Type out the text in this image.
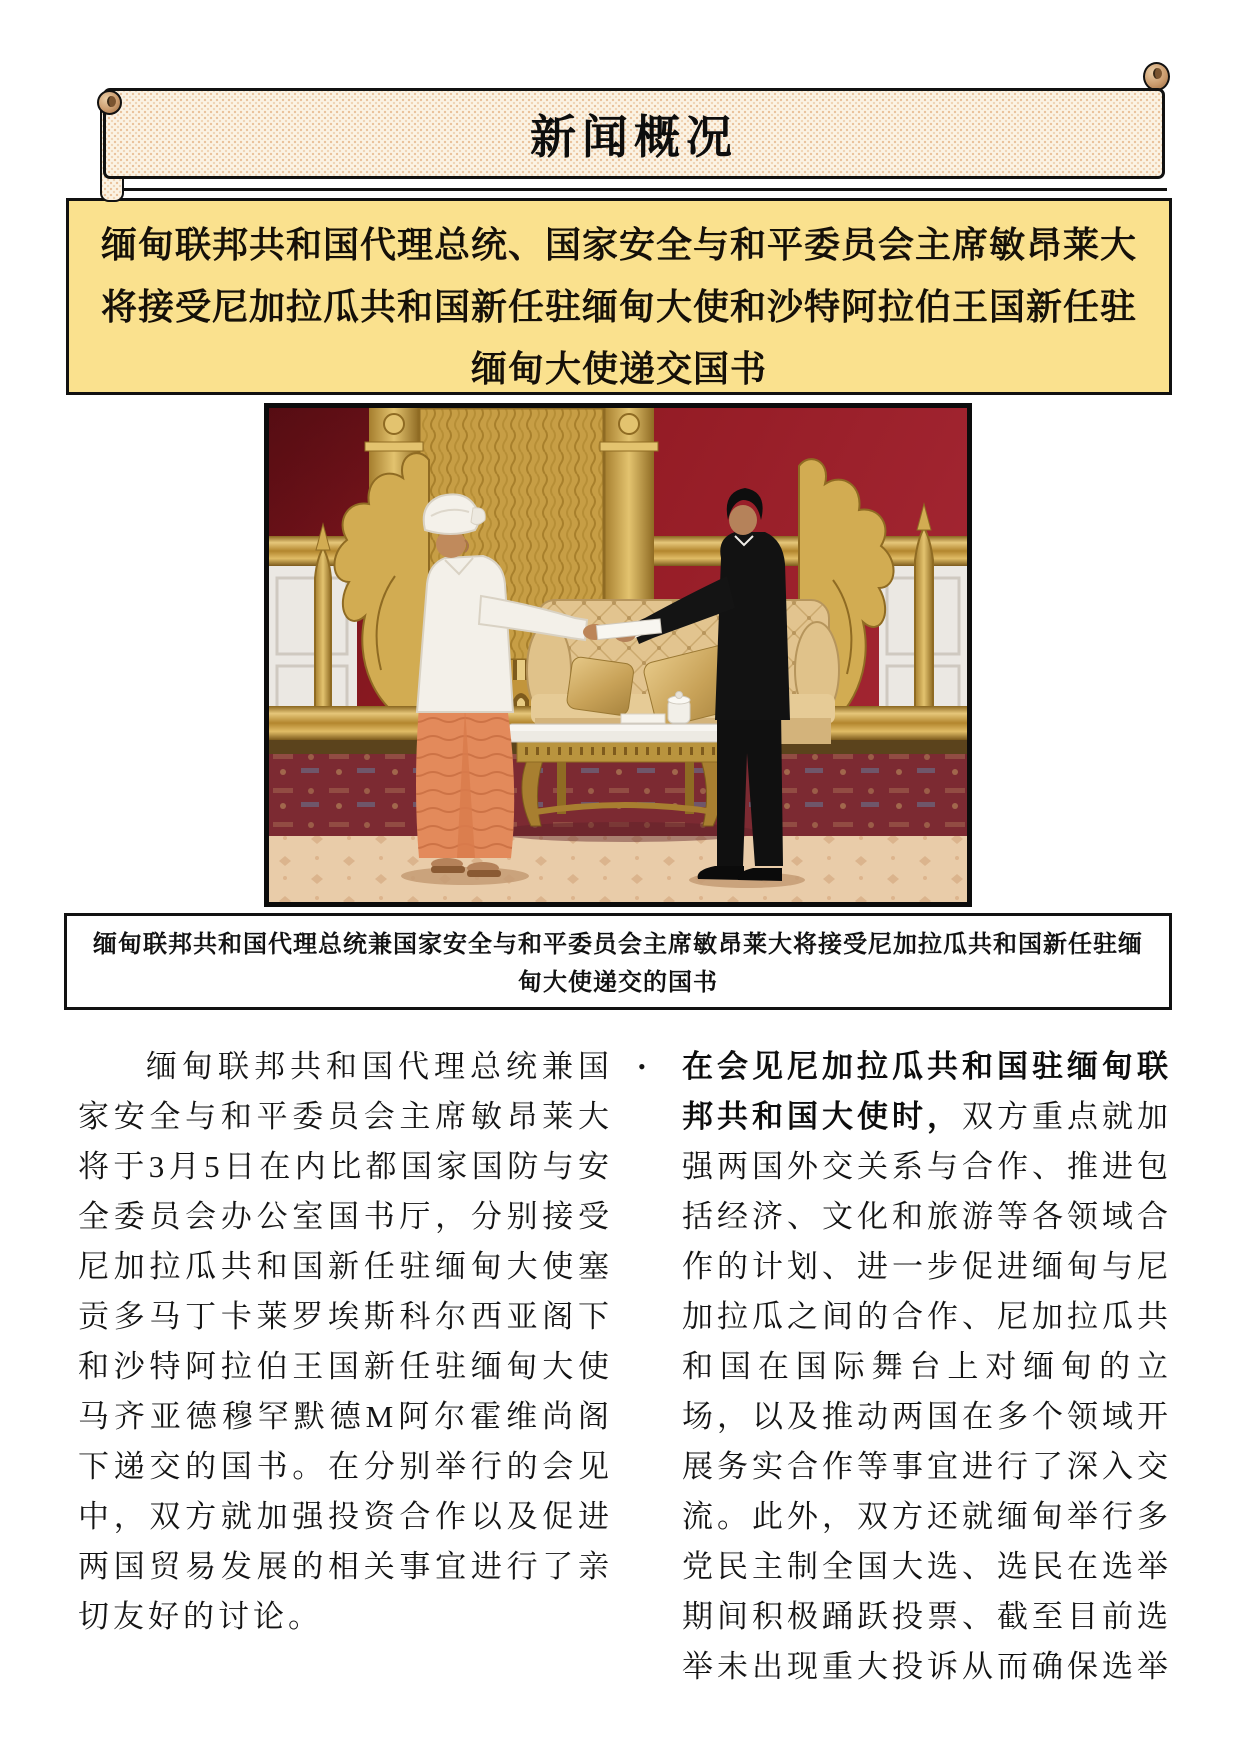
新闻概况

缅甸联邦共和国代理总统、国家安全与和平委员会主席敏昂莱大将接受尼加拉瓜共和国新任驻缅甸大使和沙特阿拉伯王国新任驻缅甸大使递交国书

缅甸联邦共和国代理总统兼国家安全与和平委员会主席敏昂莱大将接受尼加拉瓜共和国新任驻缅甸大使递交的国书

缅甸联邦共和国代理总统兼国家安全与和平委员会主席敏昂莱大将于3月5日在内比都国家国防与安全委员会办公室国书厅，分别接受尼加拉瓜共和国新任驻缅甸大使塞贡多马丁卡莱罗埃斯科尔西亚阁下和沙特阿拉伯王国新任驻缅甸大使马齐亚德穆罕默德M阿尔霍维尚阁下递交的国书。在分别举行的会见中，双方就加强投资合作以及促进两国贸易发展的相关事宜进行了亲切友好的讨论。

•	在会见尼加拉瓜共和国驻缅甸联邦共和国大使时，双方重点就加强两国外交关系与合作、推进包括经济、文化和旅游等各领域合作的计划、进一步促进缅甸与尼加拉瓜之间的合作、尼加拉瓜共和国在国际舞台上对缅甸的立场，以及推动两国在多个领域开展务实合作等事宜进行了深入交流。此外，双方还就缅甸举行多党民主制全国大选、选民在选举期间积极踊跃投票、截至目前选举未出现重大投诉从而确保选举
